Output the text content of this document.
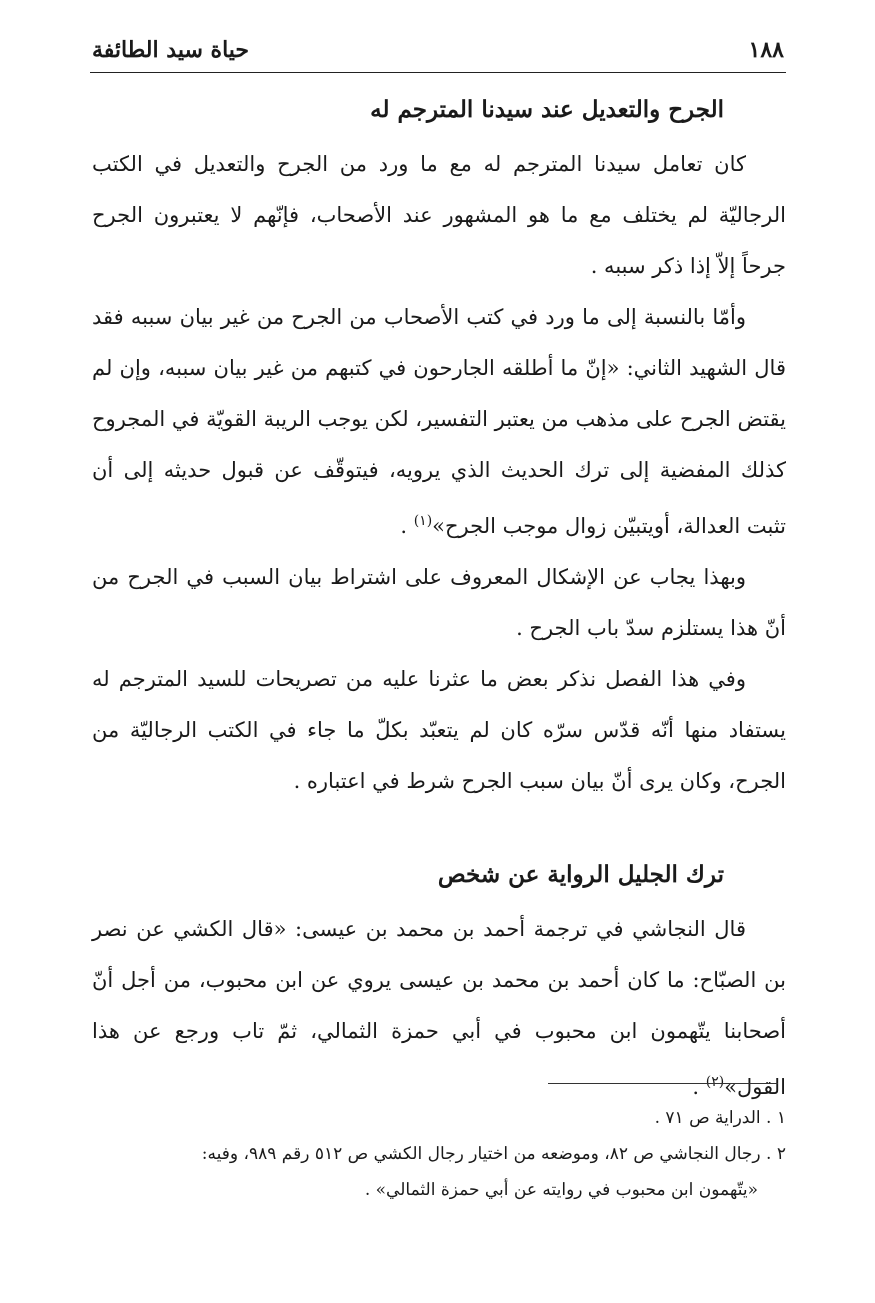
١٨٨
حياة سيد الطائفة
الجرح والتعديل عند سيدنا المترجم له

كان تعامل سيدنا المترجم له مع ما ورد من الجرح والتعديل في الكتب الرجاليّة لم يختلف مع ما هو المشهور عند الأصحاب، فإنّهم لا يعتبرون الجرح جرحاً إلاّ إذا ذكر سببه .

وأمّا بالنسبة إلى ما ورد في كتب الأصحاب من الجرح من غير بيان سببه فقد قال الشهيد الثاني: «إنّ ما أطلقه الجارحون في كتبهم من غير بيان سببه، وإن لم يقتض الجرح على مذهب من يعتبر التفسير، لكن يوجب الريبة القويّة في المجروح كذلك المفضية إلى ترك الحديث الذي يرويه، فيتوقّف عن قبول حديثه إلى أن تثبت العدالة، أويتبيّن زوال موجب الجرح»$^{(١)}$ .

وبهذا يجاب عن الإشكال المعروف على اشتراط بيان السبب في الجرح من أنّ هذا يستلزم سدّ باب الجرح .

وفي هذا الفصل نذكر بعض ما عثرنا عليه من تصريحات للسيد المترجم له يستفاد منها أنّه قدّس سرّه كان لم يتعبّد بكلّ ما جاء في الكتب الرجاليّة من الجرح، وكان يرى أنّ بيان سبب الجرح شرط في اعتباره .

ترك الجليل الرواية عن شخص

قال النجاشي في ترجمة أحمد بن محمد بن عيسى: «قال الكشي عن نصر بن الصبّاح: ما كان أحمد بن محمد بن عيسى يروي عن ابن محبوب، من أجل أنّ أصحابنا يتّهمون ابن محبوب في أبي حمزة الثمالي، ثمّ تاب ورجع عن هذا القول»$^{(٢)}$ .

١ . الدراية ص ٧١ .

٢ . رجال النجاشي ص ٨٢، وموضعه من اختيار رجال الكشي ص ٥١٢ رقم ٩٨٩، وفيه:

«يتّهمون ابن محبوب في روايته عن أبي حمزة الثمالي» .
